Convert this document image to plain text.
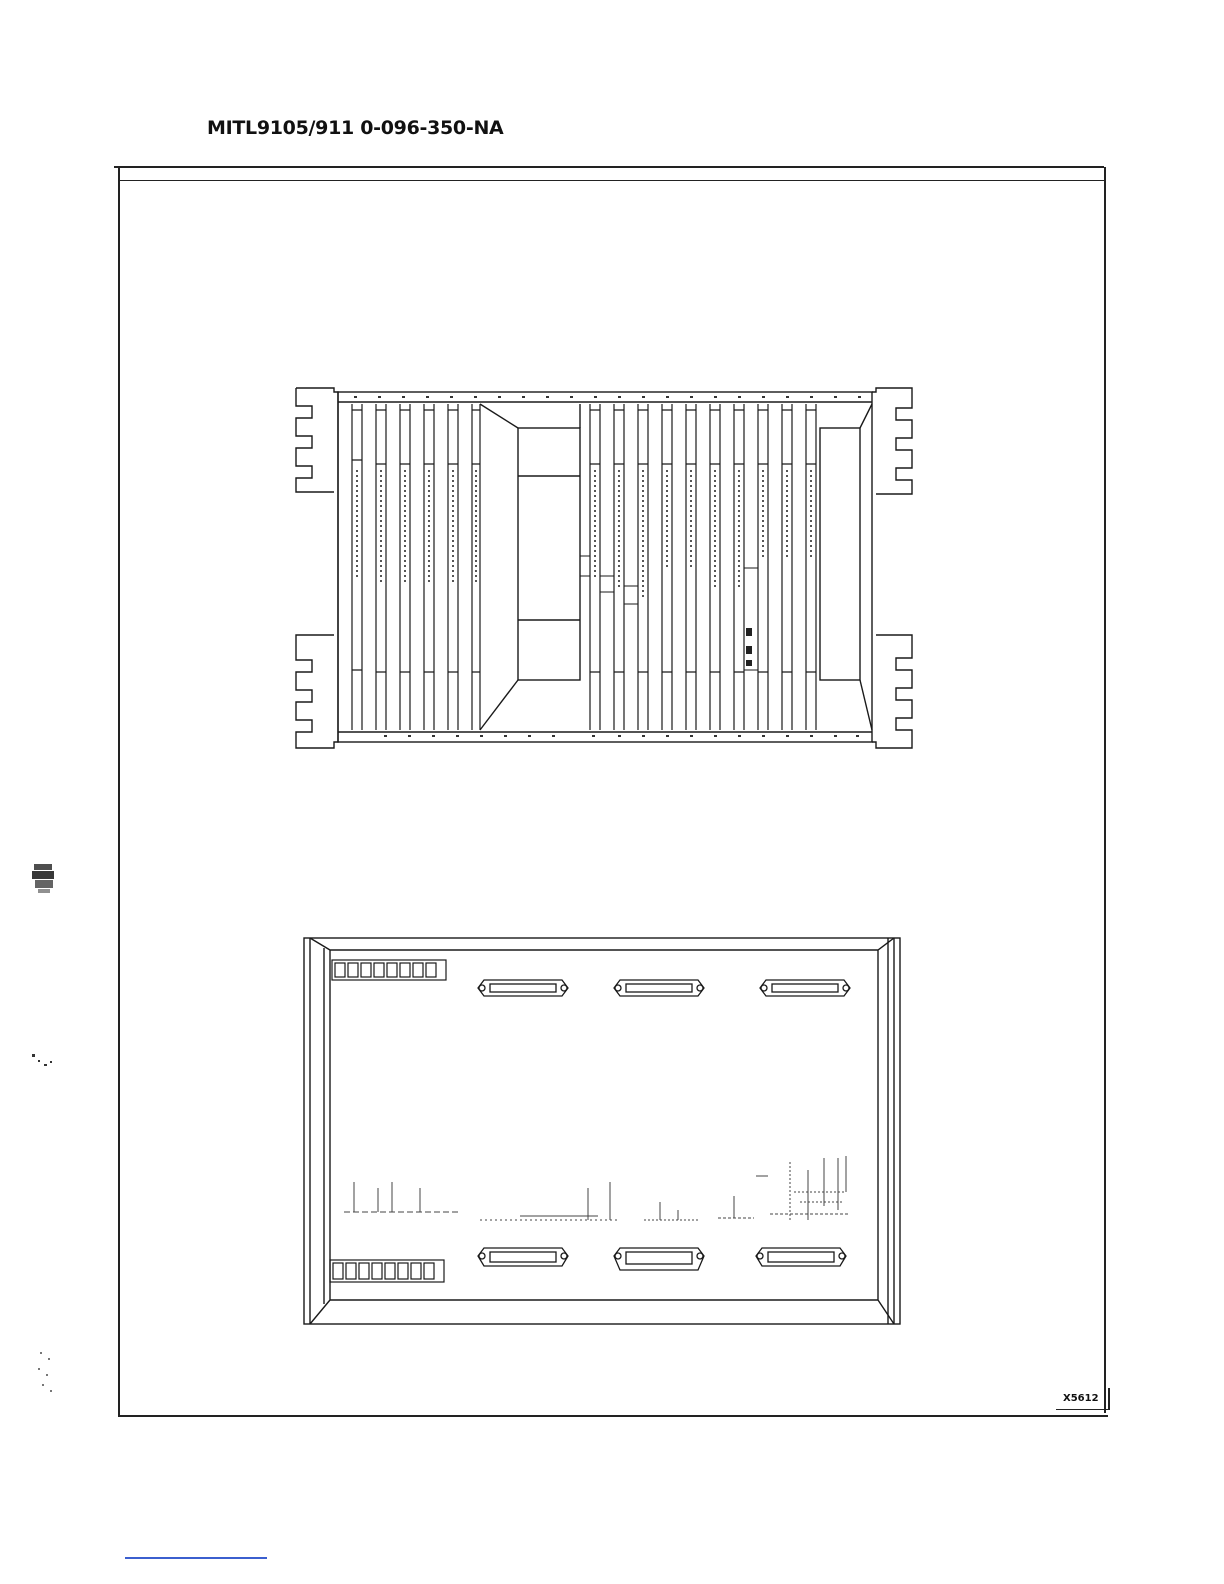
MITL9105/911 0-096-350-NA
X5612
